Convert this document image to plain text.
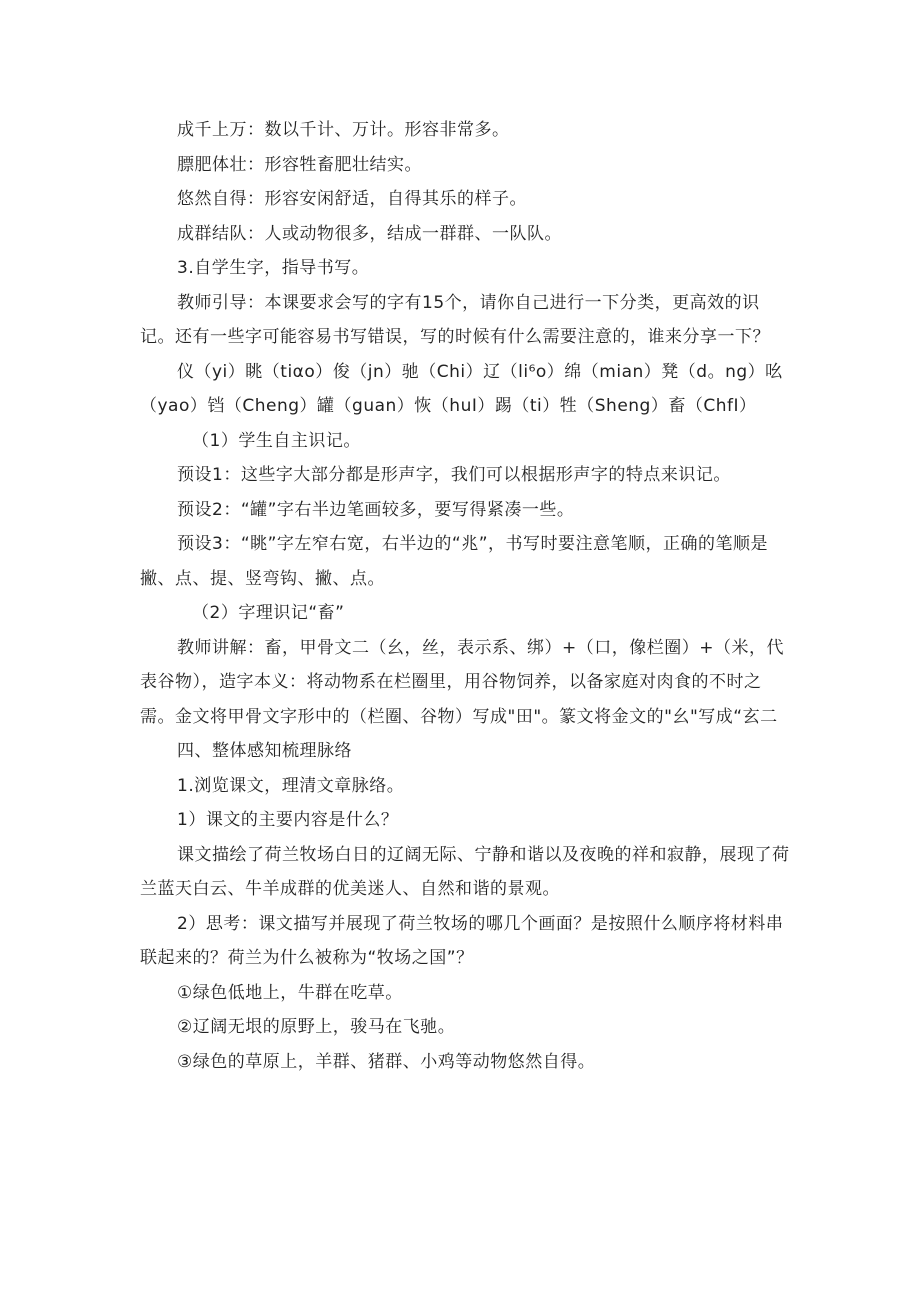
成千上万：数以千计、万计。形容非常多。

膘肥体壮：形容牲畜肥壮结实。

悠然自得：形容安闲舒适，自得其乐的样子。

成群结队：人或动物很多，结成一群群、一队队。

3.自学生字，指导书写。

教师引导：本课要求会写的字有15个，请你自己进行一下分类，更高效的识记。还有一些字可能容易书写错误，写的时候有什么需要注意的，谁来分享一下？

仪（yi）眺（tiαo）俊（jn）驰（Chi）辽（li⁶o）绵（mian）凳（d。ng）吆（yao）铛（Cheng）罐（guan）恢（huI）踢（ti）牲（Sheng）畜（ChfI）

（1）学生自主识记。

预设1：这些字大部分都是形声字，我们可以根据形声字的特点来识记。

预设2：“罐”字右半边笔画较多，要写得紧凑一些。

预设3：“眺”字左窄右宽，右半边的“兆”，书写时要注意笔顺，正确的笔顺是撇、点、提、竖弯钩、撇、点。

（2）字理识记“畜”

教师讲解：畜，甲骨文二（幺，丝，表示系、绑）+（口，像栏圈）+（米，代表谷物），造字本义：将动物系在栏圈里，用谷物饲养，以备家庭对肉食的不时之需。金文将甲骨文字形中的（栏圈、谷物）写成"田"。篆文将金文的"幺"写成“玄二

四、整体感知梳理脉络

1.浏览课文，理清文章脉络。

1）课文的主要内容是什么？

课文描绘了荷兰牧场白日的辽阔无际、宁静和谐以及夜晚的祥和寂静，展现了荷兰蓝天白云、牛羊成群的优美迷人、自然和谐的景观。

2）思考：课文描写并展现了荷兰牧场的哪几个画面？是按照什么顺序将材料串联起来的？荷兰为什么被称为“牧场之国”？

①绿色低地上，牛群在吃草。

②辽阔无垠的原野上，骏马在飞驰。

③绿色的草原上，羊群、猪群、小鸡等动物悠然自得。
